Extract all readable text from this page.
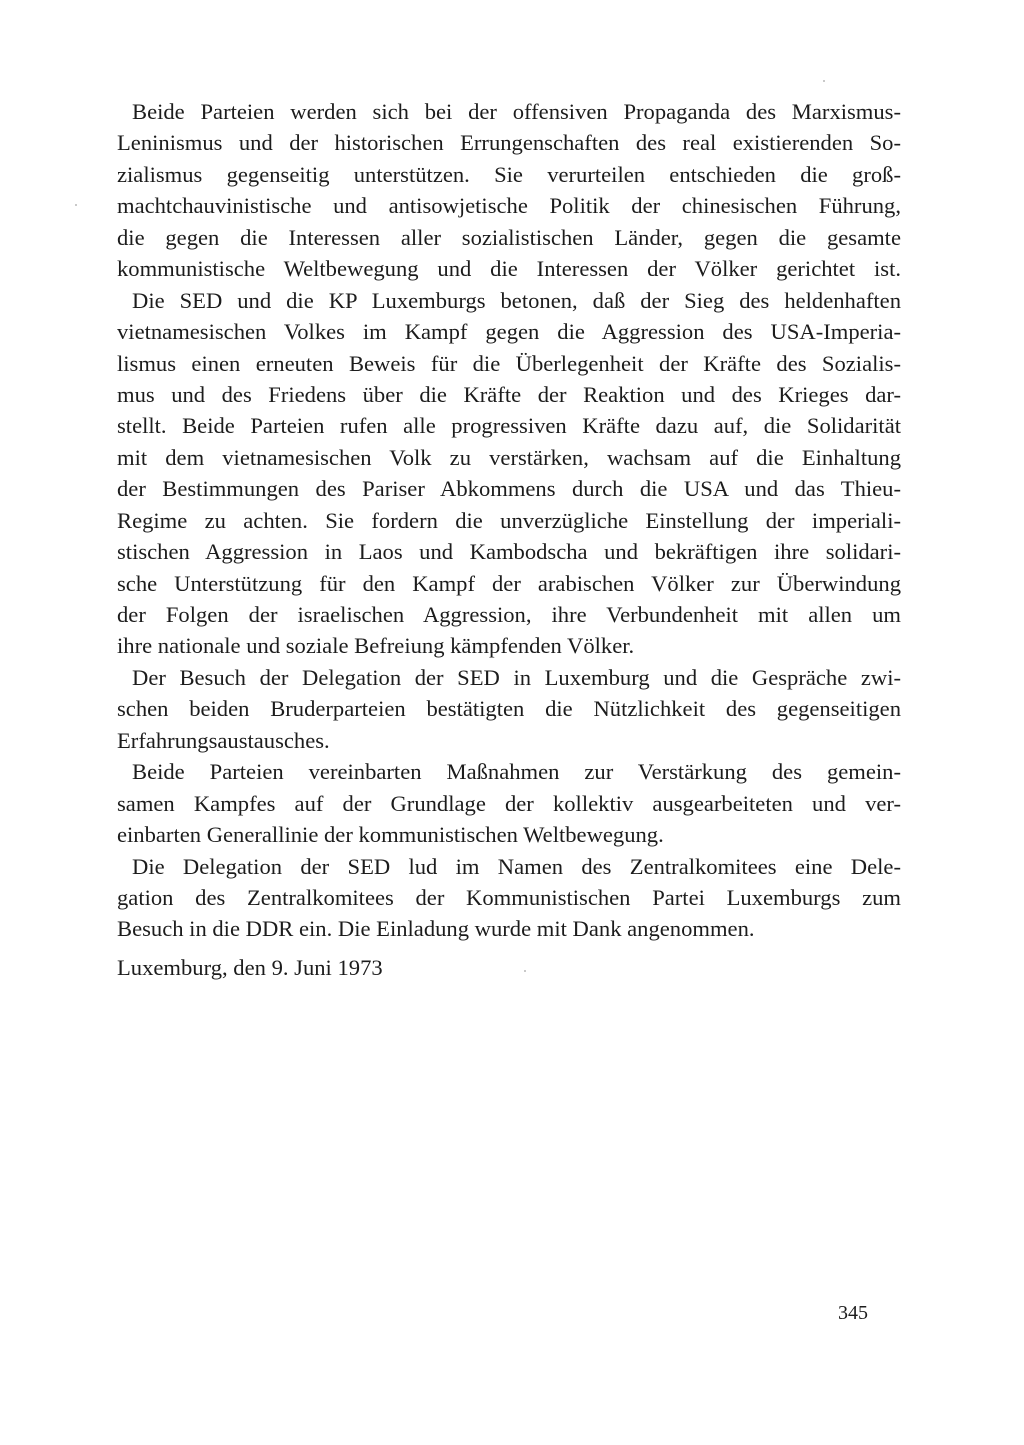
Beide Parteien werden sich bei der offensiven Propaganda des Marxismus-
Leninismus und der historischen Errungenschaften des real existierenden So-
zialismus gegenseitig unterstützen. Sie verurteilen entschieden die groß-
machtchauvinistische und antisowjetische Politik der chinesischen Führung,
die gegen die Interessen aller sozialistischen Länder, gegen die gesamte
kommunistische Weltbewegung und die Interessen der Völker gerichtet ist.
Die SED und die KP Luxemburgs betonen, daß der Sieg des heldenhaften
vietnamesischen Volkes im Kampf gegen die Aggression des USA-Imperia-
lismus einen erneuten Beweis für die Überlegenheit der Kräfte des Sozialis-
mus und des Friedens über die Kräfte der Reaktion und des Krieges dar-
stellt. Beide Parteien rufen alle progressiven Kräfte dazu auf, die Solidarität
mit dem vietnamesischen Volk zu verstärken, wachsam auf die Einhaltung
der Bestimmungen des Pariser Abkommens durch die USA und das Thieu-
Regime zu achten. Sie fordern die unverzügliche Einstellung der imperiali-
stischen Aggression in Laos und Kambodscha und bekräftigen ihre solidari-
sche Unterstützung für den Kampf der arabischen Völker zur Überwindung
der Folgen der israelischen Aggression, ihre Verbundenheit mit allen um
ihre nationale und soziale Befreiung kämpfenden Völker.
Der Besuch der Delegation der SED in Luxemburg und die Gespräche zwi-
schen beiden Bruderparteien bestätigten die Nützlichkeit des gegenseitigen
Erfahrungsaustausches.
Beide Parteien vereinbarten Maßnahmen zur Verstärkung des gemein-
samen Kampfes auf der Grundlage der kollektiv ausgearbeiteten und ver-
einbarten Generallinie der kommunistischen Weltbewegung.
Die Delegation der SED lud im Namen des Zentralkomitees eine Dele-
gation des Zentralkomitees der Kommunistischen Partei Luxemburgs zum
Besuch in die DDR ein. Die Einladung wurde mit Dank angenommen.
Luxemburg, den 9. Juni 1973
345
